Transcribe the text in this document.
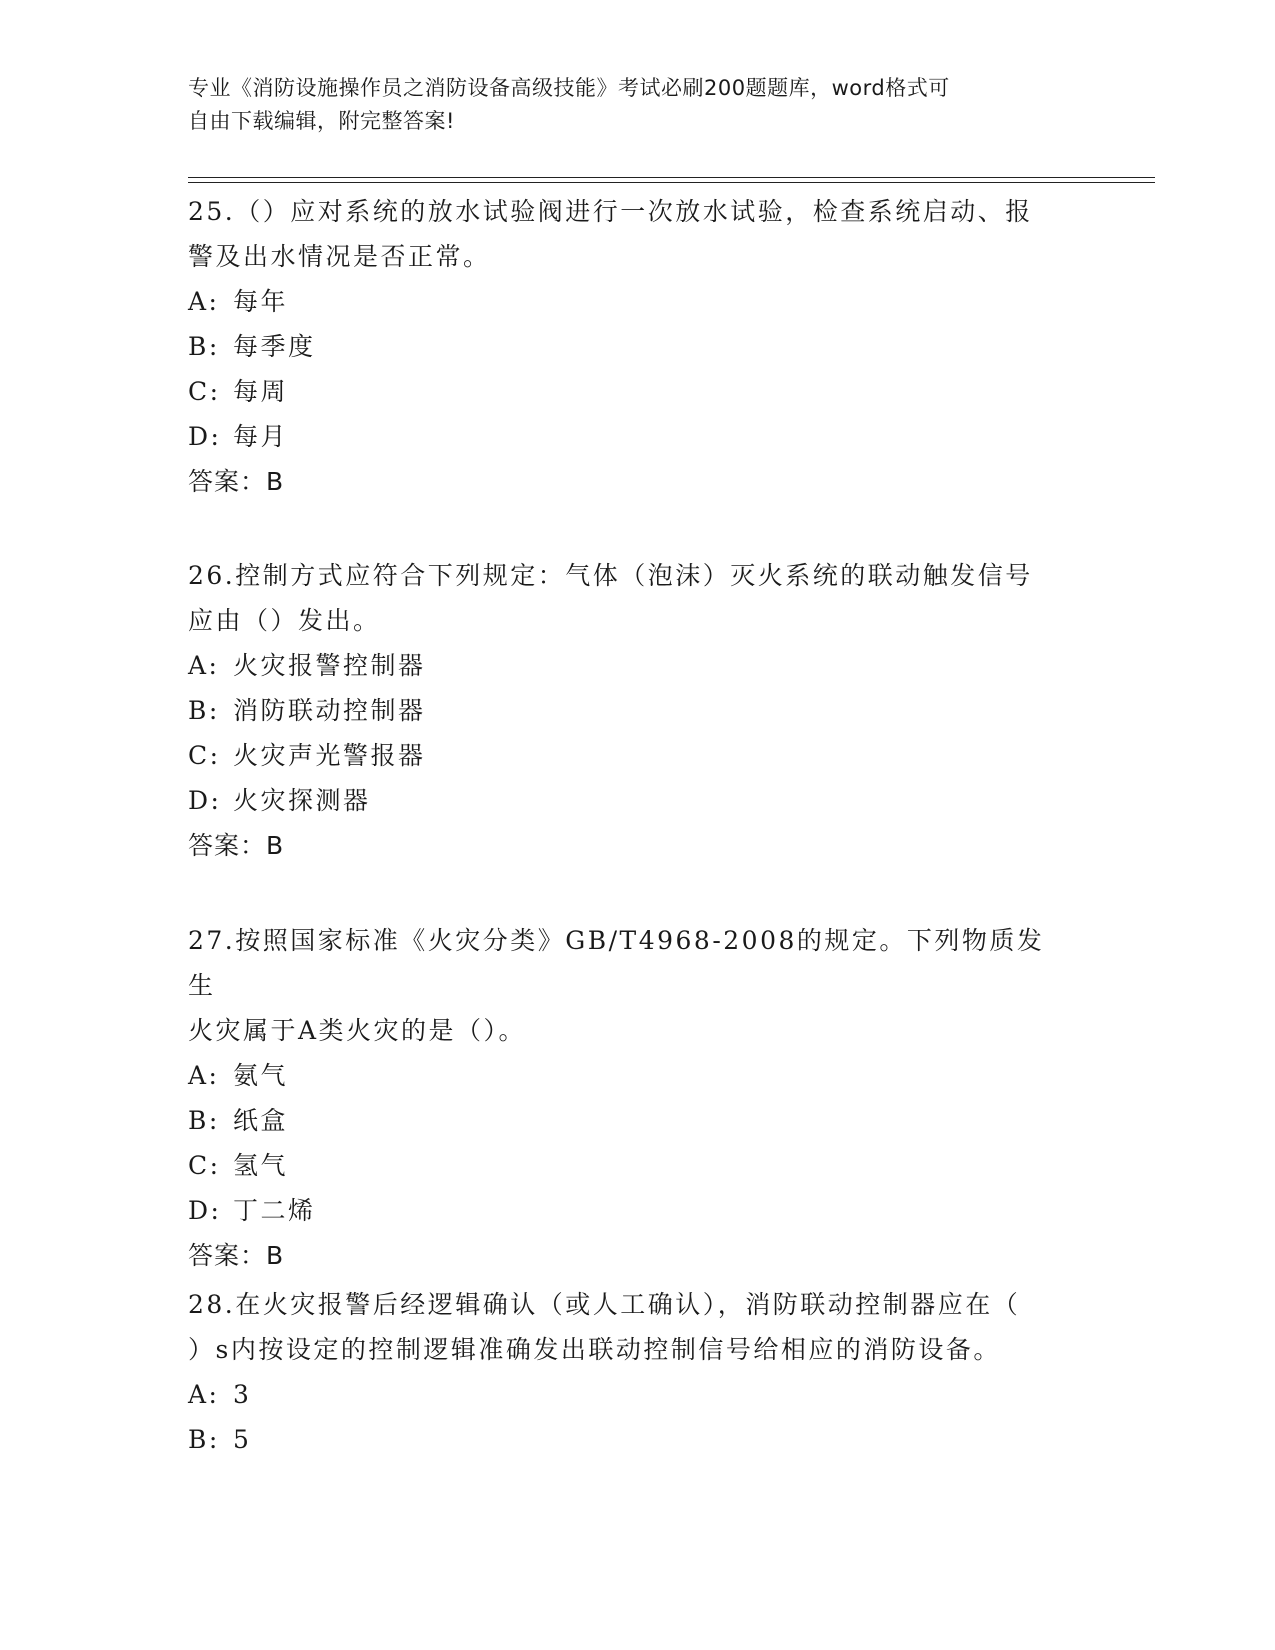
专业《消防设施操作员之消防设备高级技能》考试必刷200题题库，word格式可
自由下载编辑，附完整答案!
25.（）应对系统的放水试验阀进行一次放水试验，检查系统启动、报
警及出水情况是否正常。
A: 每年
B: 每季度
C: 每周
D: 每月
答案：B
26.控制方式应符合下列规定：气体（泡沫）灭火系统的联动触发信号
应由（）发出。
A: 火灾报警控制器
B: 消防联动控制器
C: 火灾声光警报器
D: 火灾探测器
答案：B
27.按照国家标准《火灾分类》GB/T4968-2008的规定。下列物质发生
火灾属于A类火灾的是（）。
A: 氨气
B: 纸盒
C: 氢气
D: 丁二烯
答案：B
28.在火灾报警后经逻辑确认（或人工确认），消防联动控制器应在（
）s内按设定的控制逻辑准确发出联动控制信号给相应的消防设备。
A: 3
B: 5
